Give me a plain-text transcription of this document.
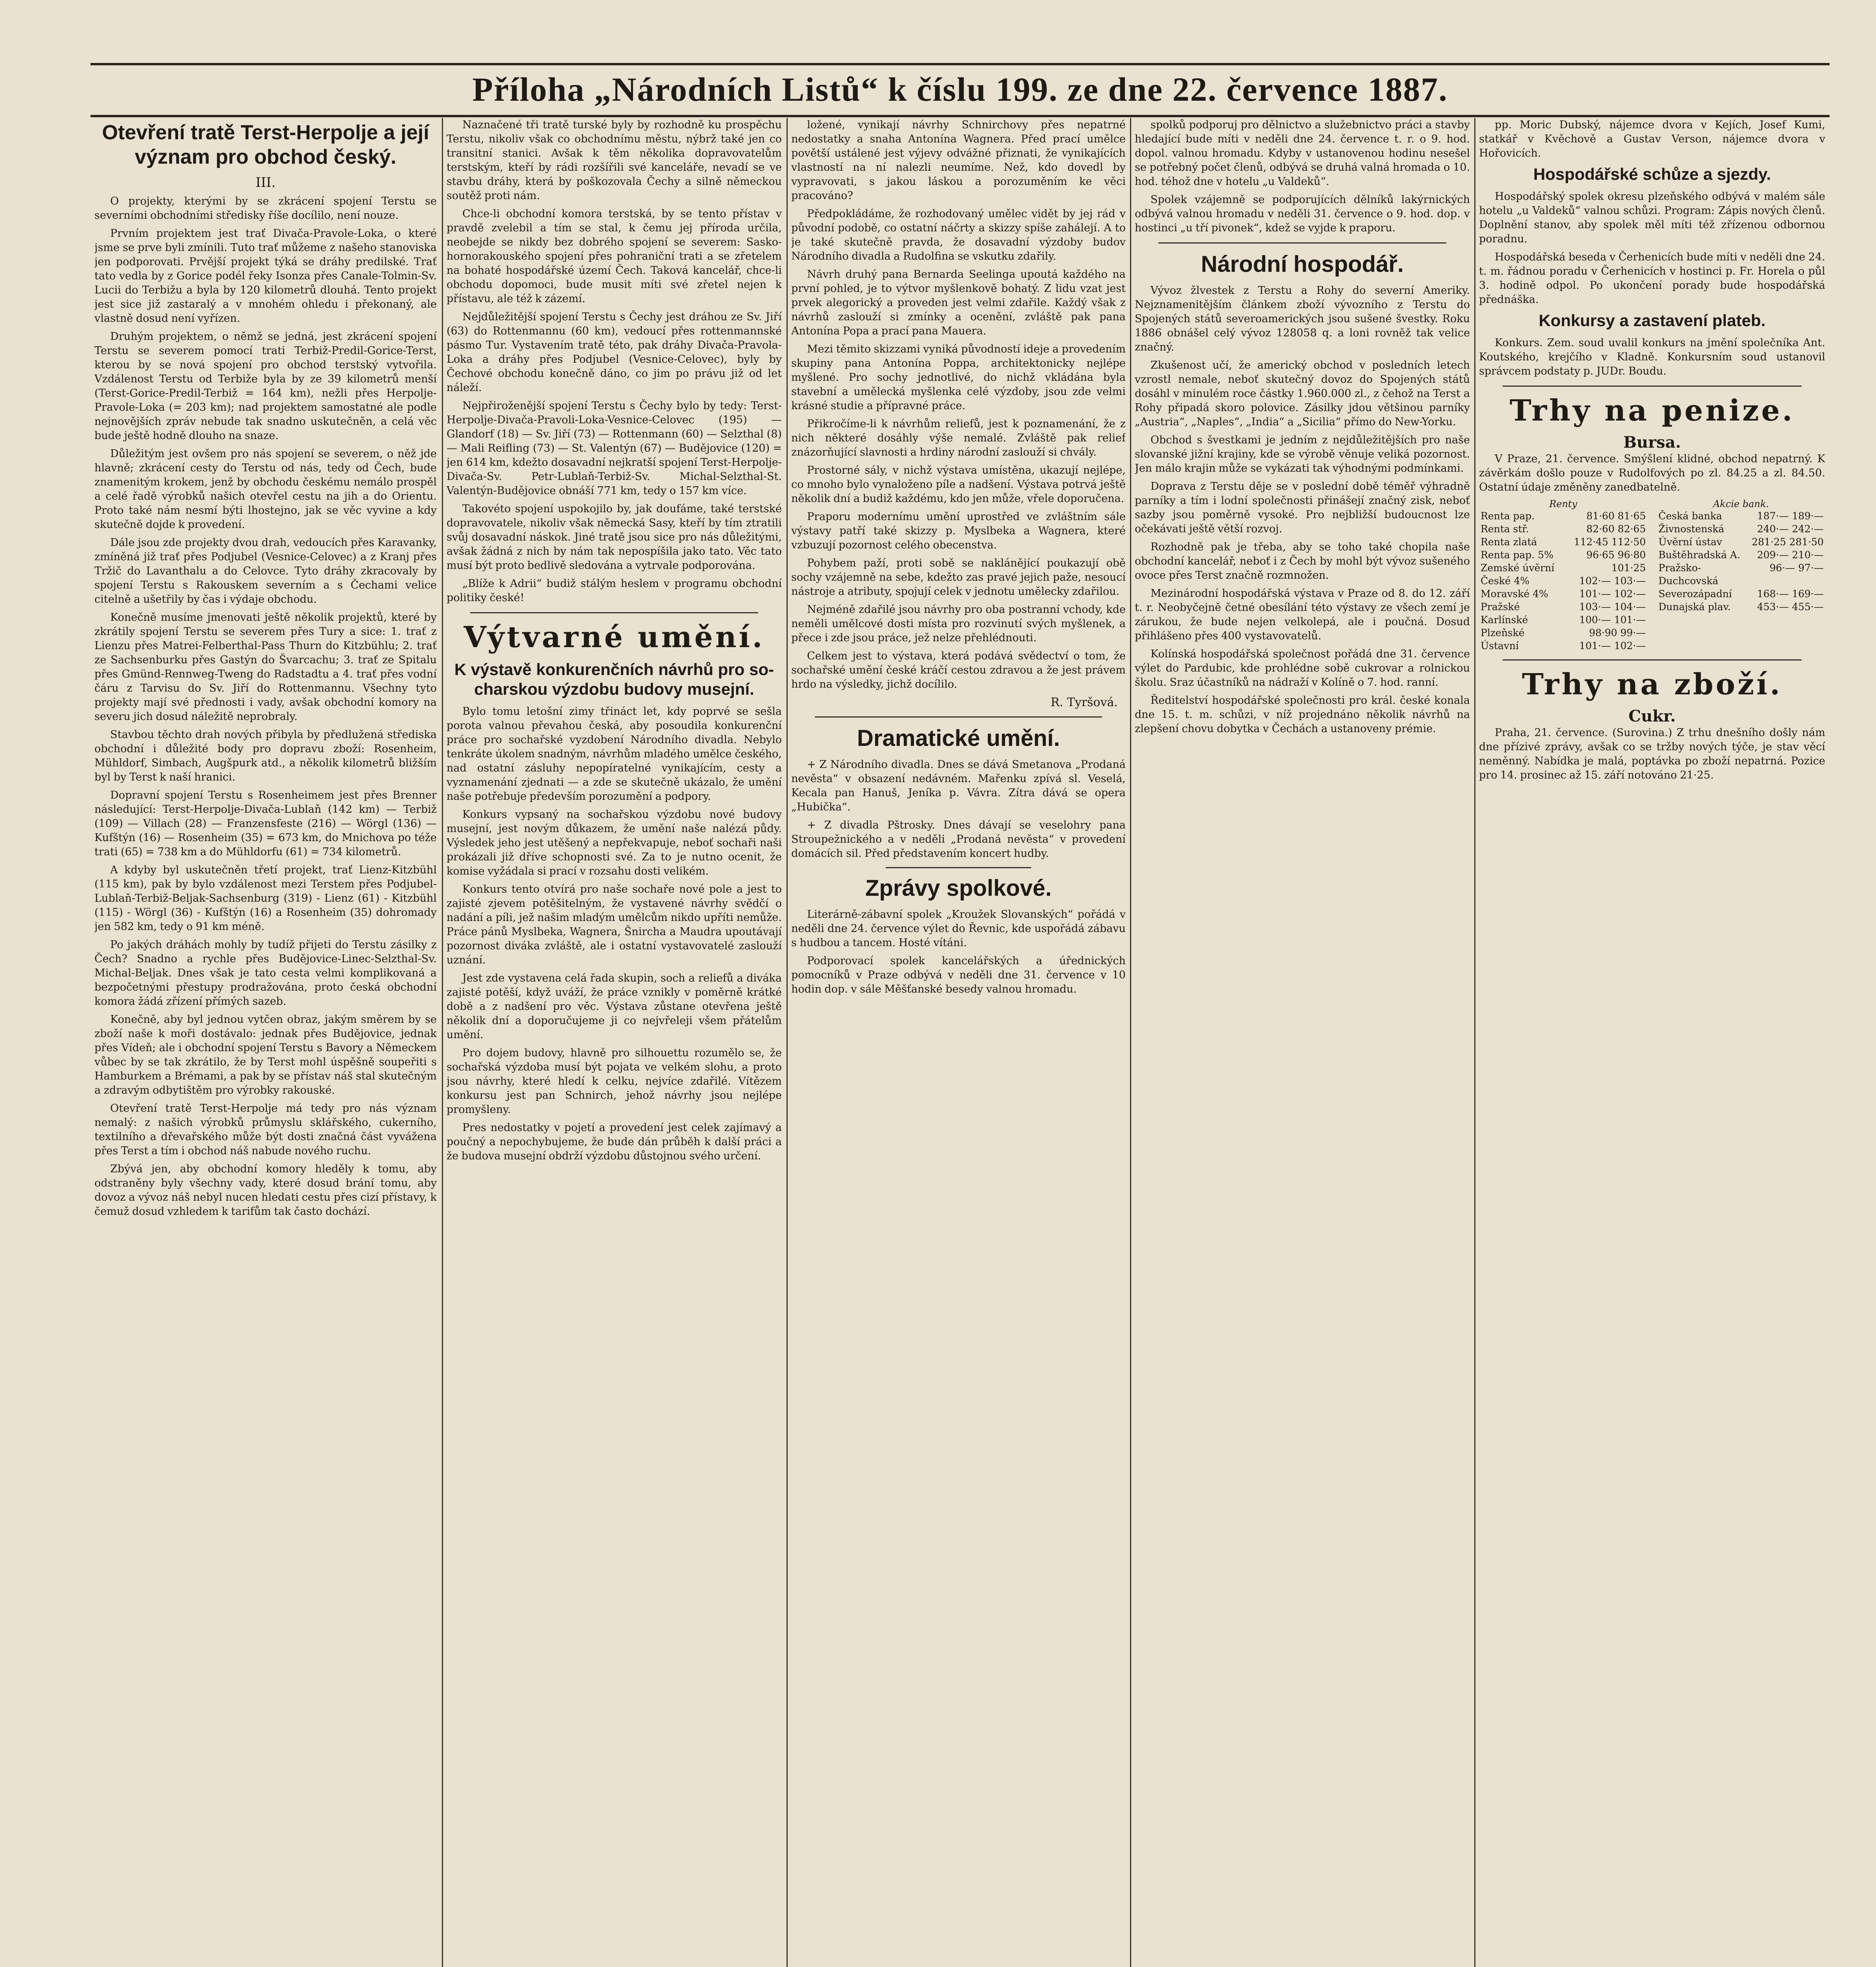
Příloha „Národních Listů“ k číslu 199. ze dne 22. července 1887.
Otevření tratě Terst-Herpolje a její význam pro obchod český.
III.

O projekty, kterými by se zkrácení spojení Terstu se severními obchodními středisky říše docílilo, není nouze.

Prvním projektem jest trať Divača-Pravole-Loka, o které jsme se prve byli zmínili. Tuto trať můžeme z našeho stanoviska jen podporovati. Prvější projekt týká se dráhy predilské. Trať tato vedla by z Gorice podél řeky Isonza přes Canale-Tolmin-Sv. Lucii do Terbižu a byla by 120 kilometrů dlouhá. Tento projekt jest sice již zastaralý a v mnohém ohledu i překonaný, ale vlastně dosud není vyřízen.

Druhým projektem, o němž se jedná, jest zkrácení spojení Terstu se severem pomocí trati Terbiž-Predil-Gorice-Terst, kterou by se nová spojení pro obchod terstský vytvořila. Vzdálenost Terstu od Terbiže byla by ze 39 kilometrů menší (Terst-Gorice-Predil-Terbiž = 164 km), nežli přes Herpolje-Pravole-Loka (= 203 km); nad projektem samostatné ale podle nejnovějších zpráv nebude tak snadno uskutečněn, a celá věc bude ještě hodně dlouho na snaze.

Důležitým jest ovšem pro nás spojení se severem, o něž jde hlavně; zkrácení cesty do Terstu od nás, tedy od Čech, bude znamenitým krokem, jenž by obchodu českému nemálo prospěl a celé řadě výrobků našich otevřel cestu na jih a do Orientu. Proto také nám nesmí býti lhostejno, jak se věc vyvine a kdy skutečně dojde k provedení.

Dále jsou zde projekty dvou drah, vedoucích přes Karavanky, zmíněná již trať přes Podjubel (Vesnice-Celovec) a z Kranj přes Tržič do Lavanthalu a do Celovce. Tyto dráhy zkracovaly by spojení Terstu s Rakouskem severním a s Čechami velice citelně a ušetřily by čas i výdaje obchodu.

Konečně musíme jmenovati ještě několik projektů, které by zkrátily spojení Terstu se severem přes Tury a sice: 1. trať z Lienzu přes Matrei-Felberthal-Pass Thurn do Kitzbühlu; 2. trať ze Sachsenburku přes Gastýn do Švarcachu; 3. trať ze Spitalu přes Gmünd-Rennweg-Tweng do Radstadtu a 4. trať přes vodní čáru z Tarvisu do Sv. Jiří do Rottenmannu. Všechny tyto projekty mají své přednosti i vady, avšak obchodní komory na severu jich dosud náležitě neprobraly.

Stavbou těchto drah nových přibyla by předlužená střediska obchodní i důležité body pro dopravu zboží: Rosenheim, Mühldorf, Simbach, Augšpurk atd., a několik kilometrů bližším byl by Terst k naší hranici.

Dopravní spojení Terstu s Rosenheimem jest přes Brenner následující: Terst-Herpolje-Divača-Lublaň (142 km) — Terbiž (109) — Villach (28) — Franzensfeste (216) — Wörgl (136) — Kufštýn (16) — Rosenheim (35) = 673 km, do Mnichova po téže trati (65) = 738 km a do Mühldorfu (61) = 734 kilometrů.

A kdyby byl uskutečněn třetí projekt, trať Lienz-Kitzbühl (115 km), pak by bylo vzdálenost mezi Terstem přes Podjubel-Lublaň-Terbiž-Beljak-Sachsenburg (319) - Lienz (61) - Kitzbühl (115) - Wörgl (36) - Kufštýn (16) a Rosenheim (35) dohromady jen 582 km, tedy o 91 km méně.

Po jakých dráhách mohly by tudíž přijeti do Terstu zásilky z Čech? Snadno a rychle přes Budějovice-Linec-Selzthal-Sv. Michal-Beljak. Dnes však je tato cesta velmi komplikovaná a bezpočetnými přestupy prodražována, proto česká obchodní komora žádá zřízení přímých sazeb.

Konečně, aby byl jednou vytčen obraz, jakým směrem by se zboží naše k moři dostávalo: jednak přes Budějovice, jednak přes Vídeň; ale i obchodní spojení Terstu s Bavory a Německem vůbec by se tak zkrátilo, že by Terst mohl úspěšně soupeřiti s Hamburkem a Brémami, a pak by se přístav náš stal skutečným a zdravým odbytištěm pro výrobky rakouské.

Otevření tratě Terst-Herpolje má tedy pro nás význam nemalý: z našich výrobků průmyslu sklářského, cukerního, textilního a dřevařského může být dosti značná část vyvážena přes Terst a tím i obchod náš nabude nového ruchu.

Zbývá jen, aby obchodní komory hleděly k tomu, aby odstraněny byly všechny vady, které dosud brání tomu, aby dovoz a vývoz náš nebyl nucen hledati cestu přes cizí přístavy, k čemuž dosud vzhledem k tarifům tak často dochází.

Naznačené tři tratě turské byly by rozhodně ku prospěchu Terstu, nikoliv však co obchodnímu městu, nýbrž také jen co transitní stanici. Avšak k těm několika dopravovatelům terstským, kteří by rádi rozšířili své kanceláře, nevadí se ve stavbu dráhy, která by poškozovala Čechy a silně německou soutěž proti nám.

Chce-li obchodní komora terstská, by se tento přístav v pravdě zvelebil a tím se stal, k čemu jej příroda určila, neobejde se nikdy bez dobrého spojení se severem: Sasko-hornorakouského spojení přes pohraniční trati a se zřetelem na bohaté hospodářské území Čech. Taková kancelář, chce-li obchodu dopomoci, bude musit míti své zřetel nejen k přístavu, ale též k zázemí.

Nejdůležitější spojení Terstu s Čechy jest dráhou ze Sv. Jiří (63) do Rottenmannu (60 km), vedoucí přes rottenmannské pásmo Tur. Vystavením tratě této, pak dráhy Divača-Pravola-Loka a dráhy přes Podjubel (Vesnice-Celovec), byly by Čechové obchodu konečně dáno, co jim po právu již od let náleží.

Nejpřiroženější spojení Terstu s Čechy bylo by tedy: Terst-Herpolje-Divača-Pravoli-Loka-Vesnice-Celovec (195) — Glandorf (18) — Sv. Jiří (73) — Rottenmann (60) — Selzthal (8) — Mali Reifling (73) — St. Valentýn (67) — Budějovice (120) = jen 614 km, kdežto dosavadní nejkratší spojení Terst-Herpolje-Divača-Sv. Petr-Lublaň-Terbiž-Sv. Michal-Selzthal-St. Valentýn-Budějovice obnáší 771 km, tedy o 157 km více.

Takovéto spojení uspokojilo by, jak doufáme, také terstské dopravovatele, nikoliv však německá Sasy, kteří by tím ztratili svůj dosavadní náskok. Jiné tratě jsou sice pro nás důležitými, avšak žádná z nich by nám tak nepospíšila jako tato. Věc tato musí být proto bedlivě sledována a vytrvale podporována.

„Blíže k Adrii“ budiž stálým heslem v programu obchodní politiky české!

Výtvarné umění.
K výstavě konkurenčních návrhů pro so-charskou výzdobu budovy musejní.

Bylo tomu letošní zimy třináct let, kdy poprvé se sešla porota valnou převahou česká, aby posoudila konkurenční práce pro sochařské vyzdobení Národního divadla. Nebylo tenkráte úkolem snadným, návrhům mladého umělce českého, nad ostatní zásluhy nepopíratelné vynikajícím, cesty a vyznamenání zjednati — a zde se skutečně ukázalo, že umění naše potřebuje především porozumění a podpory.

Konkurs vypsaný na sochařskou výzdobu nové budovy musejní, jest novým důkazem, že umění naše nalézá půdy. Výsledek jeho jest utěšený a nepřekvapuje, neboť sochaři naši prokázali již dříve schopnosti své. Za to je nutno ocenit, že komise vyžádala si prací v rozsahu dosti velikém.

Konkurs tento otvírá pro naše sochaře nové pole a jest to zajisté zjevem potěšitelným, že vystavené návrhy svědčí o nadání a píli, jež našim mladým umělcům nikdo upříti nemůže. Práce pánů Myslbeka, Wagnera, Šnircha a Maudra upoutávají pozornost diváka zvláště, ale i ostatní vystavovatelé zaslouží uznání.

Jest zde vystavena celá řada skupin, soch a reliefů a diváka zajisté potěší, když uváží, že práce vznikly v poměrně krátké době a z nadšení pro věc. Výstava zůstane otevřena ještě několik dní a doporučujeme ji co nejvřeleji všem přátelům umění.

Pro dojem budovy, hlavně pro silhouettu rozumělo se, že sochařská výzdoba musí být pojata ve velkém slohu, a proto jsou návrhy, které hledí k celku, nejvíce zdařilé. Vítězem konkursu jest pan Schnirch, jehož návrhy jsou nejlépe promyšleny.

Pres nedostatky v pojetí a provedení jest celek zajímavý a poučný a nepochybujeme, že bude dán průběh k další práci a že budova musejní obdrží výzdobu důstojnou svého určení.

ložené, vynikají návrhy Schnirchovy přes nepatrné nedostatky a snaha Antonína Wagnera. Před prací umělce povětší ustálené jest výjevy odvážné přiznati, že vynikajících vlastností na ní nalezli neumíme. Než, kdo dovedl by vypravovati, s jakou láskou a porozuměním ke věci pracováno?

Předpokládáme, že rozhodovaný umělec vidět by jej rád v původní podobě, co ostatní náčrty a skizzy spíše zahálejí. A to je také skutečně pravda, že dosavadní výzdoby budov Národního divadla a Rudolfina se vskutku zdařily.

Návrh druhý pana Bernarda Seelinga upoutá každého na první pohled, je to výtvor myšlenkově bohatý. Z lidu vzat jest prvek alegorický a proveden jest velmi zdařile. Každý však z návrhů zaslouží si zmínky a ocenění, zvláště pak pana Antonína Popa a prací pana Mauera.

Mezi těmito skizzami vyniká původností ideje a provedením skupiny pana Antonína Poppa, architektonicky nejlépe myšlené. Pro sochy jednotlivé, do nichž vkládána byla stavební a umělecká myšlenka celé výzdoby, jsou zde velmi krásné studie a přípravné práce.

Přikročíme-li k návrhům reliefů, jest k poznamenání, že z nich některé dosáhly výše nemalé. Zvláště pak relief znázorňující slavnosti a hrdiny národní zaslouží si chvály.

Prostorné sály, v nichž výstava umístěna, ukazují nejlépe, co mnoho bylo vynaloženo píle a nadšení. Výstava potrvá ještě několik dní a budiž každému, kdo jen může, vřele doporučena.

Praporu modernímu umění uprostřed ve zvláštním sále výstavy patří také skizzy p. Myslbeka a Wagnera, které vzbuzují pozornost celého obecenstva.

Pohybem paží, proti sobě se naklánějící poukazují obě sochy vzájemně na sebe, kdežto zas pravé jejich paže, nesoucí nástroje a atributy, spojují celek v jednotu umělecky zdařilou.

Nejméně zdařilé jsou návrhy pro oba postranní vchody, kde neměli umělcové dosti místa pro rozvinutí svých myšlenek, a přece i zde jsou práce, jež nelze přehlédnouti.

Celkem jest to výstava, která podává svědectví o tom, že sochařské umění české kráčí cestou zdravou a že jest právem hrdo na výsledky, jichž docílilo.

R. Tyršová.
Dramatické umění.

+ Z Národního divadla. Dnes se dává Smetanova „Prodaná nevěsta“ v obsazení nedávném. Mařenku zpívá sl. Veselá, Kecala pan Hanuš, Jeníka p. Vávra. Zítra dává se opera „Hubička“.

+ Z divadla Pštrosky. Dnes dávají se veselohry pana Stroupežnického a v neděli „Prodaná nevěsta“ v provedení domácích sil. Před představením koncert hudby.

Zprávy spolkové.

Literárně-zábavní spolek „Kroužek Slovanských“ pořádá v neděli dne 24. července výlet do Řevnic, kde uspořádá zábavu s hudbou a tancem. Hosté vítáni.

Podporovací spolek kancelářských a úřednických pomocníků v Praze odbývá v neděli dne 31. července v 10 hodin dop. v sále Měšťanské besedy valnou hromadu.

spolků podporuj pro dělnictvo a služebnictvo práci a stavby hledající bude míti v neděli dne 24. července t. r. o 9. hod. dopol. valnou hromadu. Kdyby v ustanovenou hodinu nesešel se potřebný počet členů, odbývá se druhá valná hromada o 10. hod. téhož dne v hotelu „u Valdeků“.

Spolek vzájemně se podporujících dělníků lakýrnických odbývá valnou hromadu v neděli 31. července o 9. hod. dop. v hostinci „u tří pivonek“, kdež se vyjde k praporu.

Národní hospodář.

Vývoz žlvestek z Terstu a Rohy do severní Ameriky. Nejznamenitějším článkem zboží vývozního z Terstu do Spojených států severoamerických jsou sušené švestky. Roku 1886 obnášel celý vývoz 128058 q. a loni rovněž tak velice značný.

Zkušenost učí, že americký obchod v posledních letech vzrostl nemale, neboť skutečný dovoz do Spojených států dosáhl v minulém roce částky 1.960.000 zl., z čehož na Terst a Rohy připadá skoro polovice. Zásilky jdou většinou parníky „Austria“, „Naples“, „India“ a „Sicilia“ přímo do New-Yorku.

Obchod s švestkami je jedním z nejdůležitějších pro naše slovanské jižní krajiny, kde se výrobě věnuje veliká pozornost. Jen málo krajin může se vykázati tak výhodnými podmínkami.

Doprava z Terstu děje se v poslední době téměř výhradně parníky a tím i lodní společnosti přinášejí značný zisk, neboť sazby jsou poměrně vysoké. Pro nejbližší budoucnost lze očekávati ještě větší rozvoj.

Rozhodně pak je třeba, aby se toho také chopila naše obchodní kancelář, neboť i z Čech by mohl být vývoz sušeného ovoce přes Terst značně rozmnožen.

Mezinárodní hospodářská výstava v Praze od 8. do 12. září t. r. Neobyčejně četné obesílání této výstavy ze všech zemí je zárukou, že bude nejen velkolepá, ale i poučná. Dosud přihlášeno přes 400 vystavovatelů.

Kolínská hospodářská společnost pořádá dne 31. července výlet do Pardubic, kde prohlédne sobě cukrovar a rolnickou školu. Sraz účastníků na nádraží v Kolíně o 7. hod. ranní.

Ředitelství hospodářské společnosti pro král. české konala dne 15. t. m. schůzi, v níž projednáno několik návrhů na zlepšení chovu dobytka v Čechách a ustanoveny prémie.

pp. Moric Dubský, nájemce dvora v Kejích, Josef Kumi, statkář v Kvěchově a Gustav Verson, nájemce dvora v Hořovicích.

Hospodářské schůze a sjezdy.

Hospodářský spolek okresu plzeňského odbývá v malém sále hotelu „u Valdeků“ valnou schůzi. Program: Zápis nových členů. Doplnění stanov, aby spolek měl míti též zřízenou odbornou poradnu.

Hospodářská beseda v Čerhenicích bude míti v neděli dne 24. t. m. řádnou poradu v Čerhenicích v hostinci p. Fr. Horela o půl 3. hodině odpol. Po ukončení porady bude hospodářská přednáška.

Konkursy a zastavení plateb.

Konkurs. Zem. soud uvalil konkurs na jmění společníka Ant. Koutského, krejčího v Kladně. Konkursním soud ustanovil správcem podstaty p. JUDr. Boudu.

Trhy na penize.
Bursa.

V Praze, 21. července. Smýšlení klidné, obchod nepatrný. K závěrkám došlo pouze v Rudolfových po zl. 84.25 a zl. 84.50. Ostatní údaje změněny zanedbatelně.

Renty
Renta pap.	81·60 81·65
Renta stř.	82·60 82·65
Renta zlatá	112·45 112·50
Renta pap. 5%	96·65 96·80
Zemské úvěrní	101·25
České 4%	102·— 103·—
Moravské 4%	101·— 102·—
Pražské	103·— 104·—
Karlínské	100·— 101·—
Plzeňské	98·90 99·—
Ústavní	101·— 102·—
Akcie bank.
Česká banka	187·— 189·—
Živnostenská	240·— 242·—
Úvěrní ústav	281·25 281·50
Buštěhradská A.	209·— 210·—
Pražsko-Duchcovská	96·— 97·—
Severozápadní	168·— 169·—
Dunajská plav.	453·— 455·—
Trhy na zboží.
Cukr.

Praha, 21. července. (Surovina.) Z trhu dnešního došly nám dne přízivé zprávy, avšak co se tržby nových týče, je stav věcí neměnný. Nabídka je malá, poptávka po zboží nepatrná. Pozice pro 14. prosinec až 15. září notováno 21·25.
